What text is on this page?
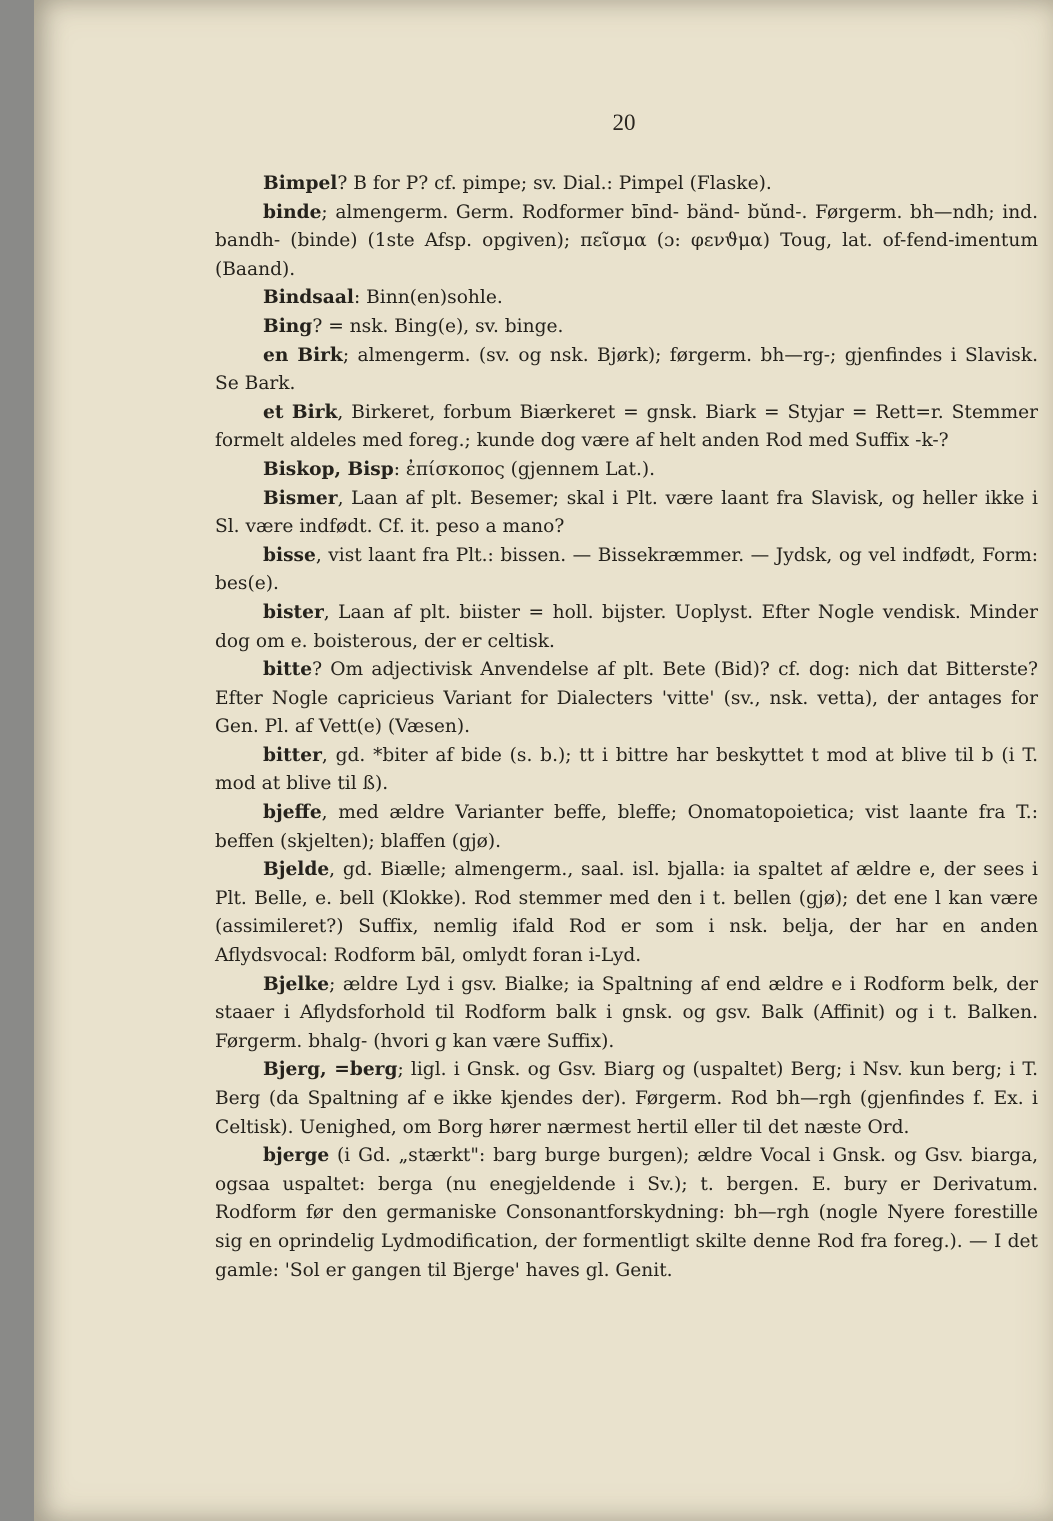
20

Bimpel? B for P? cf. pimpe; sv. Dial.: Pimpel (Flaske).

binde; almengerm. Germ. Rodformer bīnd- bänd- bŭnd-. Førgerm. bh—ndh; ind. bandh- (binde) (1ste Afsp. opgiven); πεῖσμα (ɔ: φενϑμα) Toug, lat. of-fend-imentum (Baand).

Bindsaal: Binn(en)sohle.

Bing? = nsk. Bing(e), sv. binge.

en Birk; almengerm. (sv. og nsk. Bjørk); førgerm. bh—rg-; gjenfindes i Slavisk. Se Bark.

et Birk, Birkeret, forbum Biærkeret = gnsk. Biark = Styjar = Rett=r. Stemmer formelt aldeles med foreg.; kunde dog være af helt anden Rod med Suffix -k-?

Biskop, Bisp: ἐπίσκοπος (gjennem Lat.).

Bismer, Laan af plt. Besemer; skal i Plt. være laant fra Slavisk, og heller ikke i Sl. være indfødt. Cf. it. peso a mano?

bisse, vist laant fra Plt.: bissen. — Bissekræmmer. — Jydsk, og vel indfødt, Form: bes(e).

bister, Laan af plt. biister = holl. bijster. Uoplyst. Efter Nogle vendisk. Minder dog om e. boisterous, der er celtisk.

bitte? Om adjectivisk Anvendelse af plt. Bete (Bid)? cf. dog: nich dat Bitterste? Efter Nogle capricieus Variant for Dialecters 'vitte' (sv., nsk. vetta), der antages for Gen. Pl. af Vett(e) (Væsen).

bitter, gd. *biter af bide (s. b.); tt i bittre har beskyttet t mod at blive til b (i T. mod at blive til ß).

bjeffe, med ældre Varianter beffe, bleffe; Onomatopoietica; vist laante fra T.: beffen (skjelten); blaffen (gjø).

Bjelde, gd. Biælle; almengerm., saal. isl. bjalla: ia spaltet af ældre e, der sees i Plt. Belle, e. bell (Klokke). Rod stemmer med den i t. bellen (gjø); det ene l kan være (assimileret?) Suffix, nemlig ifald Rod er som i nsk. belja, der har en anden Aflydsvocal: Rodform bāl, omlydt foran i-Lyd.

Bjelke; ældre Lyd i gsv. Bialke; ia Spaltning af end ældre e i Rodform belk, der staaer i Aflydsforhold til Rodform balk i gnsk. og gsv. Balk (Affinit) og i t. Balken. Førgerm. bhalg- (hvori g kan være Suffix).

Bjerg, =berg; ligl. i Gnsk. og Gsv. Biarg og (uspaltet) Berg; i Nsv. kun berg; i T. Berg (da Spaltning af e ikke kjendes der). Førgerm. Rod bh—rgh (gjenfindes f. Ex. i Celtisk). Uenighed, om Borg hører nærmest hertil eller til det næste Ord.

bjerge (i Gd. „stærkt": barg burge burgen); ældre Vocal i Gnsk. og Gsv. biarga, ogsaa uspaltet: berga (nu enegjeldende i Sv.); t. bergen. E. bury er Derivatum. Rodform før den germaniske Consonantforskydning: bh—rgh (nogle Nyere forestille sig en oprindelig Lydmodification, der formentligt skilte denne Rod fra foreg.). — I det gamle: 'Sol er gangen til Bjerge' haves gl. Genit.
